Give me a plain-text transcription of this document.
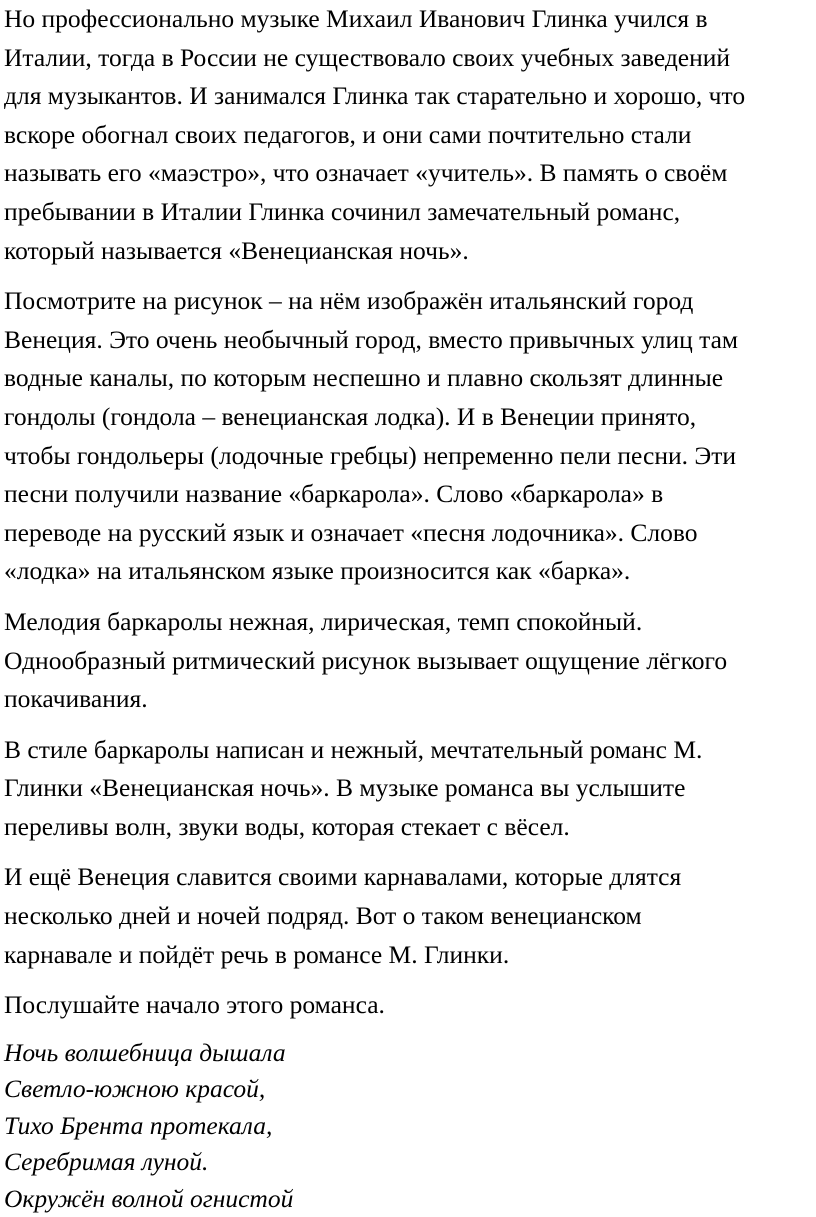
Но профессионально музыке Михаил Иванович Глинка учился в
Италии, тогда в России не существовало своих учебных заведений
для музыкантов. И занимался Глинка так старательно и хорошо, что
вскоре обогнал своих педагогов, и они сами почтительно стали
называть его «маэстро», что означает «учитель». В память о своём
пребывании в Италии Глинка сочинил замечательный романс,
который называется «Венецианская ночь».

Посмотрите на рисунок – на нём изображён итальянский город
Венеция. Это очень необычный город, вместо привычных улиц там
водные каналы, по которым неспешно и плавно скользят длинные
гондолы (гондола – венецианская лодка). И в Венеции принято,
чтобы гондольеры (лодочные гребцы) непременно пели песни. Эти
песни получили название «баркарола». Слово «баркарола» в
переводе на русский язык и означает «песня лодочника». Слово
«лодка» на итальянском языке произносится как «барка».

Мелодия баркаролы нежная, лирическая, темп спокойный.
Однообразный ритмический рисунок вызывает ощущение лёгкого
покачивания.

В стиле баркаролы написан и нежный, мечтательный романс М.
Глинки «Венецианская ночь». В музыке романса вы услышите
переливы волн, звуки воды, которая стекает с вёсел.

И ещё Венеция славится своими карнавалами, которые длятся
несколько дней и ночей подряд. Вот о таком венецианском
карнавале и пойдёт речь в романсе М. Глинки.

Послушайте начало этого романса.

Ночь волшебница дышала
Светло-южною красой,
Тихо Брента протекала,
Серебримая луной.
Окружён волной огнистой
